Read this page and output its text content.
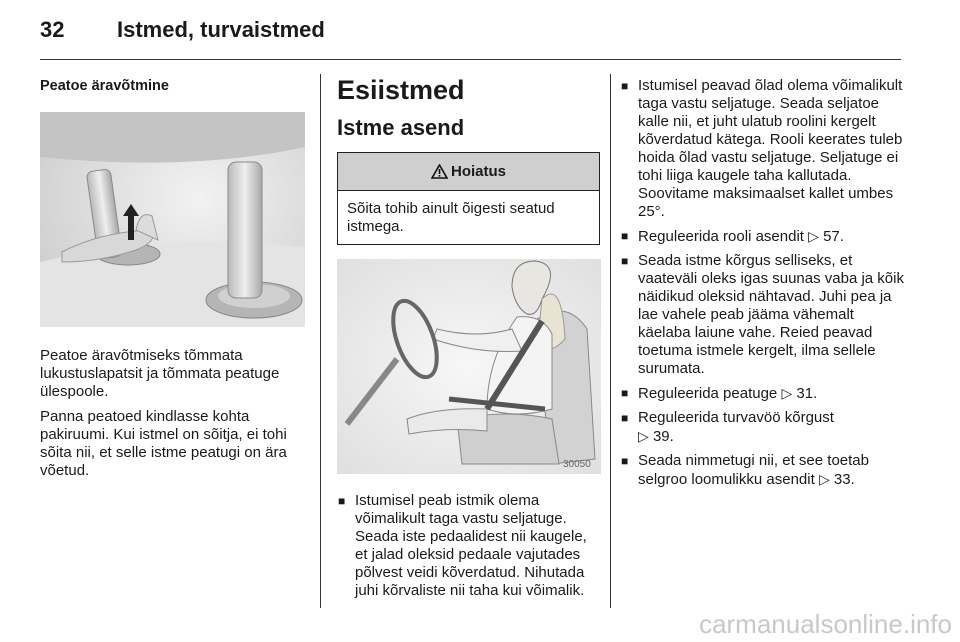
32 Istmed, turvaistmed
Peatoe äravõtmine

Peatoe äravõtmiseks tõmmata lukustuslapatsit ja tõmmata peatuge ülespoole.

Panna peatoed kindlasse kohta pakiruumi. Kui istmel on sõitja, ei tohi sõita nii, et selle istme peatugi on ära võetud.

Esiistmed
Istme asend
Hoiatus
Sõita tohib ainult õigesti seatud istmega.
30050
■ Istumisel peab istmik olema võimalikult taga vastu seljatuge. Seada iste pedaalidest nii kaugele, et jalad oleksid pedaale vajutades põlvest veidi kõverdatud. Nihutada juhi kõrvaliste nii taha kui võimalik.
■ Istumisel peavad õlad olema võimalikult taga vastu seljatuge. Seada seljatoe kalle nii, et juht ulatub roolini kergelt kõverdatud kätega. Rooli keerates tuleb hoida õlad vastu seljatuge. Seljatuge ei tohi liiga kaugele taha kallutada. Soovitame maksimaalset kallet umbes 25°.
■ Reguleerida rooli asendit ▷ 57.
■ Seada istme kõrgus selliseks, et vaateväli oleks igas suunas vaba ja kõik näidikud oleksid nähtavad. Juhi pea ja lae vahele peab jääma vähemalt käelaba laiune vahe. Reied peavad toetuma istmele kergelt, ilma sellele surumata.
■ Reguleerida peatuge ▷ 31.
■ Reguleerida turvavöö kõrgust
▷ 39.
■ Seada nimmetugi nii, et see toetab selgroo loomulikku asendit ▷ 33.
carmanualsonline.info
